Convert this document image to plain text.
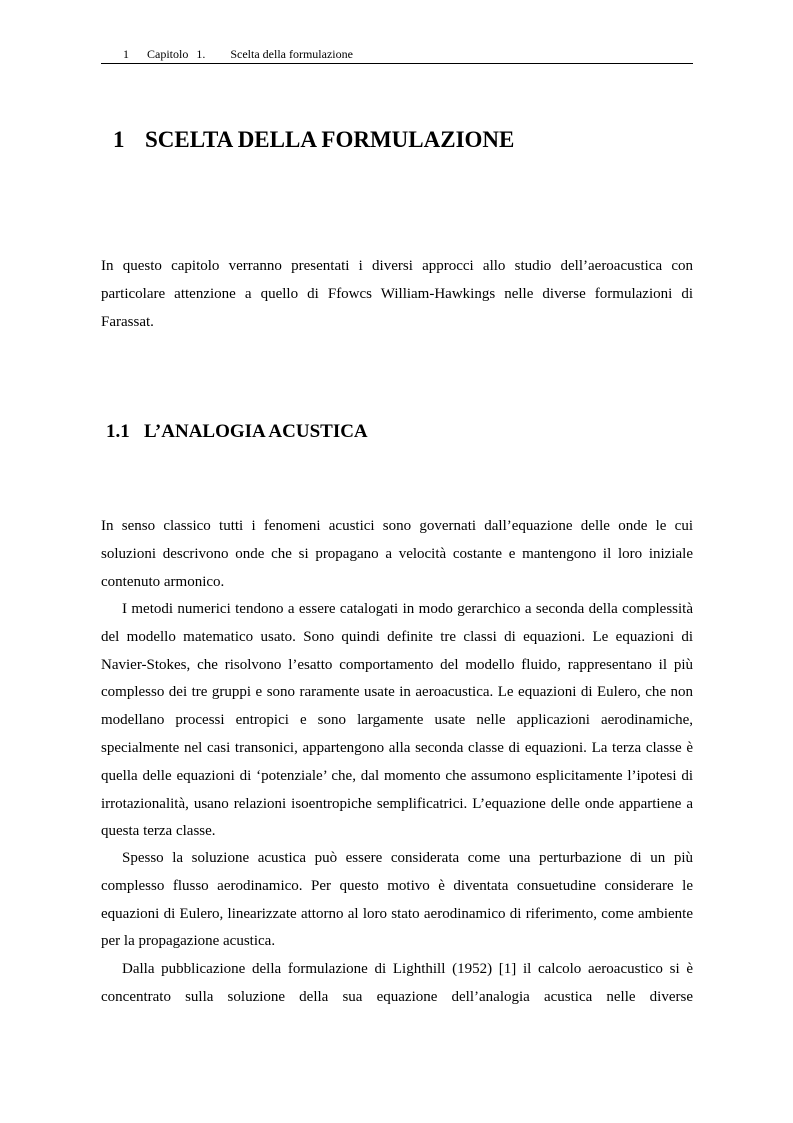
1 Capitolo 1. Scelta della formulazione
1 SCELTA DELLA FORMULAZIONE

In questo capitolo verranno presentati i diversi approcci allo studio dell’aeroacustica con particolare attenzione a quello di Ffowcs William-Hawkings nelle diverse formulazioni di Farassat.

1.1 L’ANALOGIA ACUSTICA

In senso classico tutti i fenomeni acustici sono governati dall’equazione delle onde le cui soluzioni descrivono onde che si propagano a velocità costante e mantengono il loro iniziale contenuto armonico.

I metodi numerici tendono a essere catalogati in modo gerarchico a seconda della complessità del modello matematico usato. Sono quindi definite tre classi di equazioni. Le equazioni di Navier-Stokes, che risolvono l’esatto comportamento del modello fluido, rappresentano il più complesso dei tre gruppi e sono raramente usate in aeroacustica. Le equazioni di Eulero, che non modellano processi entropici e sono largamente usate nelle applicazioni aerodinamiche, specialmente nel casi transonici, appartengono alla seconda classe di equazioni. La terza classe è quella delle equazioni di ‘potenziale’ che, dal momento che assumono esplicitamente l’ipotesi di irrotazionalità, usano relazioni isoentropiche semplificatrici. L’equazione delle onde appartiene a questa terza classe.

Spesso la soluzione acustica può essere considerata come una perturbazione di un più complesso flusso aerodinamico. Per questo motivo è diventata consuetudine considerare le equazioni di Eulero, linearizzate attorno al loro stato aerodinamico di riferimento, come ambiente per la propagazione acustica.

Dalla pubblicazione della formulazione di Lighthill (1952) [1] il calcolo aeroacustico si è concentrato sulla soluzione della sua equazione dell’analogia acustica nelle diverse
